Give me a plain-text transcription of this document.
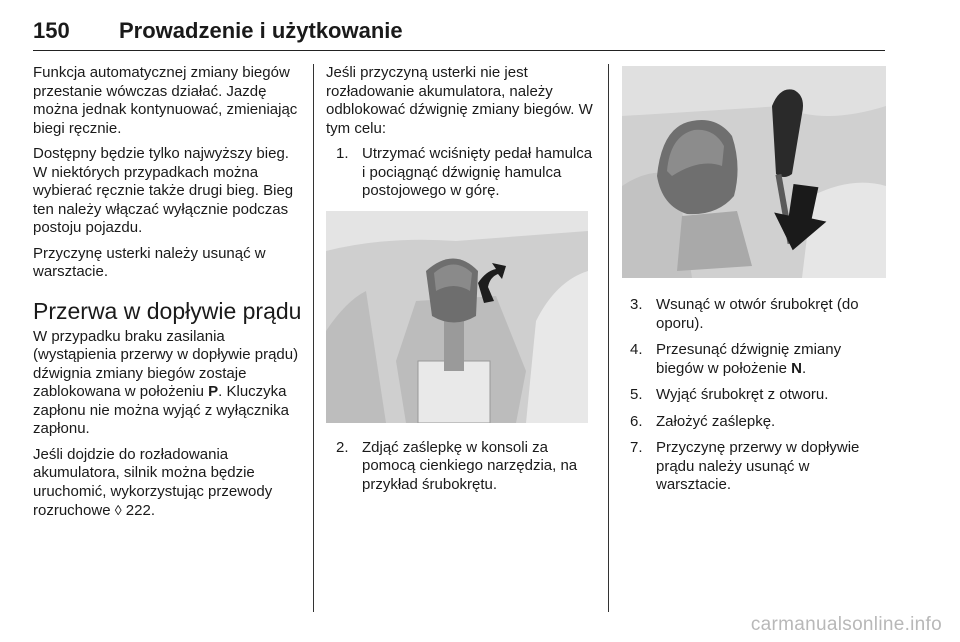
150 Prowadzenie i użytkowanie

Funkcja automatycznej zmiany biegów przestanie wówczas działać. Jazdę można jednak kontynuować, zmieniając biegi ręcznie.

Dostępny będzie tylko najwyższy bieg. W niektórych przypadkach można wybierać ręcznie także drugi bieg. Bieg ten należy włączać wyłącznie podczas postoju pojazdu.

Przyczynę usterki należy usunąć w warsztacie.

Przerwa w dopływie prądu

W przypadku braku zasilania (wystąpienia przerwy w dopływie prądu) dźwignia zmiany biegów zostaje zablokowana w położeniu P. Kluczyka zapłonu nie można wyjąć z wyłącznika zapłonu.

Jeśli dojdzie do rozładowania akumulatora, silnik można będzie uruchomić, wykorzystując przewody rozruchowe ◊ 222.

Jeśli przyczyną usterki nie jest rozładowanie akumulatora, należy odblokować dźwignię zmiany biegów. W tym celu:

1. Utrzymać wciśnięty pedał hamulca i pociągnąć dźwignię hamulca postojowego w górę.
2. Zdjąć zaślepkę w konsoli za pomocą cienkiego narzędzia, na przykład śrubokrętu.
3. Wsunąć w otwór śrubokręt (do oporu).
4. Przesunąć dźwignię zmiany biegów w położenie N.
5. Wyjąć śrubokręt z otworu.
6. Założyć zaślepkę.
7. Przyczynę przerwy w dopływie prądu należy usunąć w warsztacie.
carmanualsonline.info
